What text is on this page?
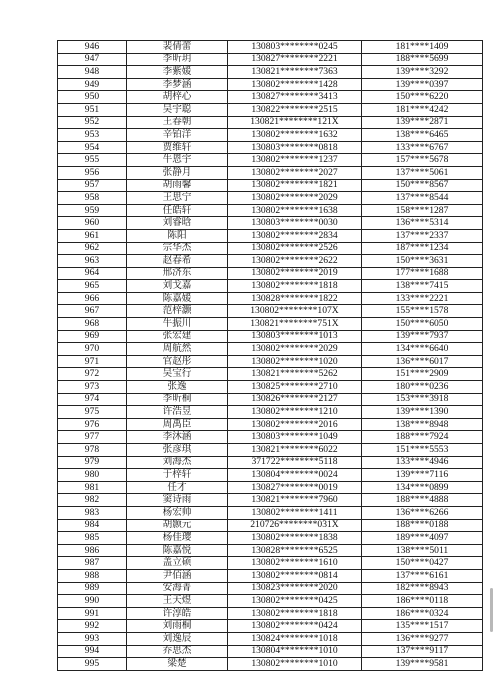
946	裴倩蕾	130803********0245	181****1409
947	李昕玥	130827********2221	188****5699
948	李紫媛	130821********7363	139****3292
949	李梦涵	130802********1428	139****0397
950	胡梓心	130827********3413	150****6220
951	吴宇聪	130822********2515	181****4242
952	王春朝	130821********121X	139****2871
953	辛铂洋	130802********1632	138****6465
954	贾维轩	130803********0818	133****6767
955	牛恩宇	130802********1237	157****5678
956	张静月	130802********2027	137****5061
957	胡雨馨	130802********1821	150****8567
958	王思宁	130802********2029	137****8544
959	任皓轩	130802********1638	158****1287
960	刘睿晗	130803********0030	136****5314
961	陈阳	130802********2834	137****2337
962	宗华杰	130802********2526	187****1234
963	赵春希	130802********2622	150****3631
964	邢济东	130802********2019	177****1688
965	刘戈嘉	130802********1818	138****7415
966	陈嘉媛	130828********1822	133****2221
967	范梓灏	130802********107X	155****1578
968	牛振川	130821********751X	150****6050
969	张宏建	130803********1013	139****7937
970	周航然	130802********2029	134****6640
971	官赵彤	130802********1020	136****6017
972	吴宝行	130821********5262	151****2909
973	张逸	130825********2710	180****0236
974	李昕桐	130826********2127	153****3918
975	许浩昱	130802********1210	139****1390
976	周禹臣	130802********2016	138****8948
977	李沐涵	130803********1049	188****7924
978	张彦琪	130821********6022	151****5553
979	刘海杰	371722********5118	133****4946
980	于梓轩	130804********0024	139****7116
981	任才	130827********0019	134****0899
982	窦诗雨	130821********7960	188****4888
983	杨宏帅	130802********1411	136****6266
984	胡颢元	210726********031X	188****0188
985	杨佳璎	130802********1838	189****4097
986	陈嘉悦	130828********6525	138****5011
987	盖立硕	130802********1610	150****0427
988	尹佰涵	130802********0814	137****6161
989	安海菁	130823********2020	182****8943
990	王天煜	130802********0425	186****0118
991	许淳皓	130802********1818	186****0324
992	刘雨桐	130802********0424	135****1517
993	刘逸辰	130824********1018	136****9277
994	乔思杰	130804********1010	137****9117
995	梁楚	130802********1010	139****9581
